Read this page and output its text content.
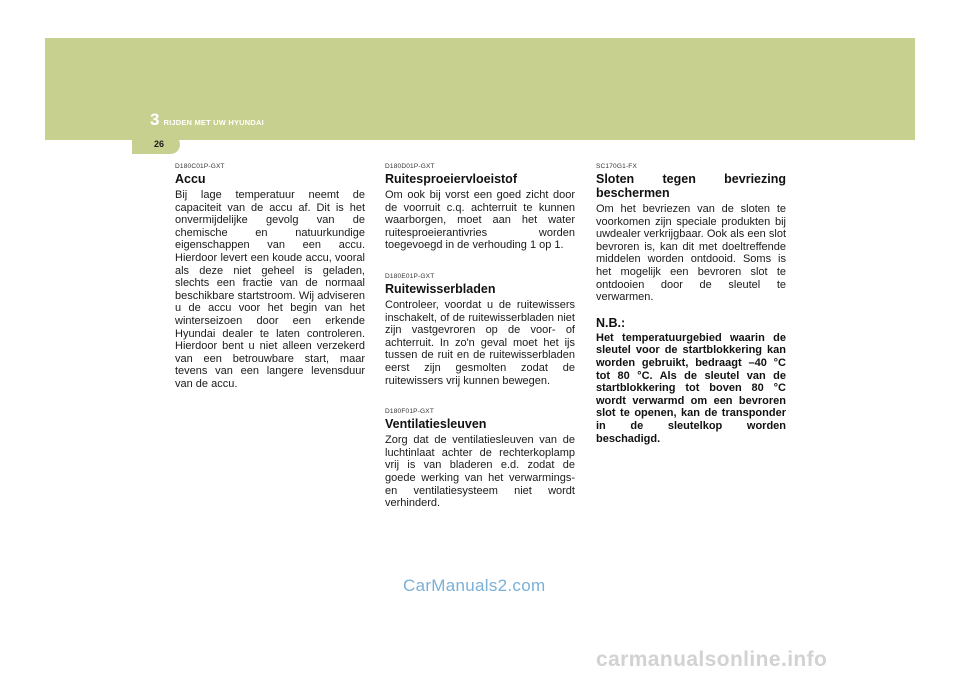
3 RIJDEN MET UW HYUNDAI
26

D180C01P-GXT

Accu

Bij lage temperatuur neemt de capaciteit van de accu af. Dit is het onvermijdelijke gevolg van de chemische en natuurkundige eigenschappen van een accu. Hierdoor levert een koude accu, vooral als deze niet geheel is geladen, slechts een fractie van de normaal beschikbare startstroom. Wij adviseren u de accu voor het begin van het winterseizoen door een erkende Hyundai dealer te laten controleren. Hierdoor bent u niet alleen verzekerd van een betrouwbare start, maar tevens van een langere levensduur van de accu.

D180D01P-GXT

Ruitesproeiervloeistof

Om ook bij vorst een goed zicht door de voorruit c.q. achterruit te kunnen waarborgen, moet aan het water ruitesproeierantivries worden toegevoegd in de verhouding 1 op 1.

D180E01P-GXT

Ruitewisserbladen

Controleer, voordat u de ruitewissers inschakelt, of de ruitewisserbladen niet zijn vastgevroren op de voor- of achterruit. In zo'n geval moet het ijs tussen de ruit en de ruitewisserbladen eerst zijn gesmolten zodat de ruitewissers vrij kunnen bewegen.

D180F01P-GXT

Ventilatiesleuven

Zorg dat de ventilatiesleuven van de luchtinlaat achter de rechterkoplamp vrij is van bladeren e.d. zodat de goede werking van het verwarmings- en ventilatiesysteem niet wordt verhinderd.

SC170G1-FX

Sloten tegen bevriezing beschermen

Om het bevriezen van de sloten te voorkomen zijn speciale produkten bij uwdealer verkrijgbaar. Ook als een slot bevroren is, kan dit met doeltreffende middelen worden ontdooid. Soms is het mogelijk een bevroren slot te ontdooien door de sleutel te verwarmen.

N.B.:

Het temperatuurgebied waarin de sleutel voor de startblokkering kan worden gebruikt, bedraagt –40 °C tot 80 °C. Als de sleutel van de startblokkering tot boven 80 °C wordt verwarmd om een bevroren slot te openen, kan de transponder in de sleutelkop worden beschadigd.

CarManuals2.com
carmanualsonline.info
